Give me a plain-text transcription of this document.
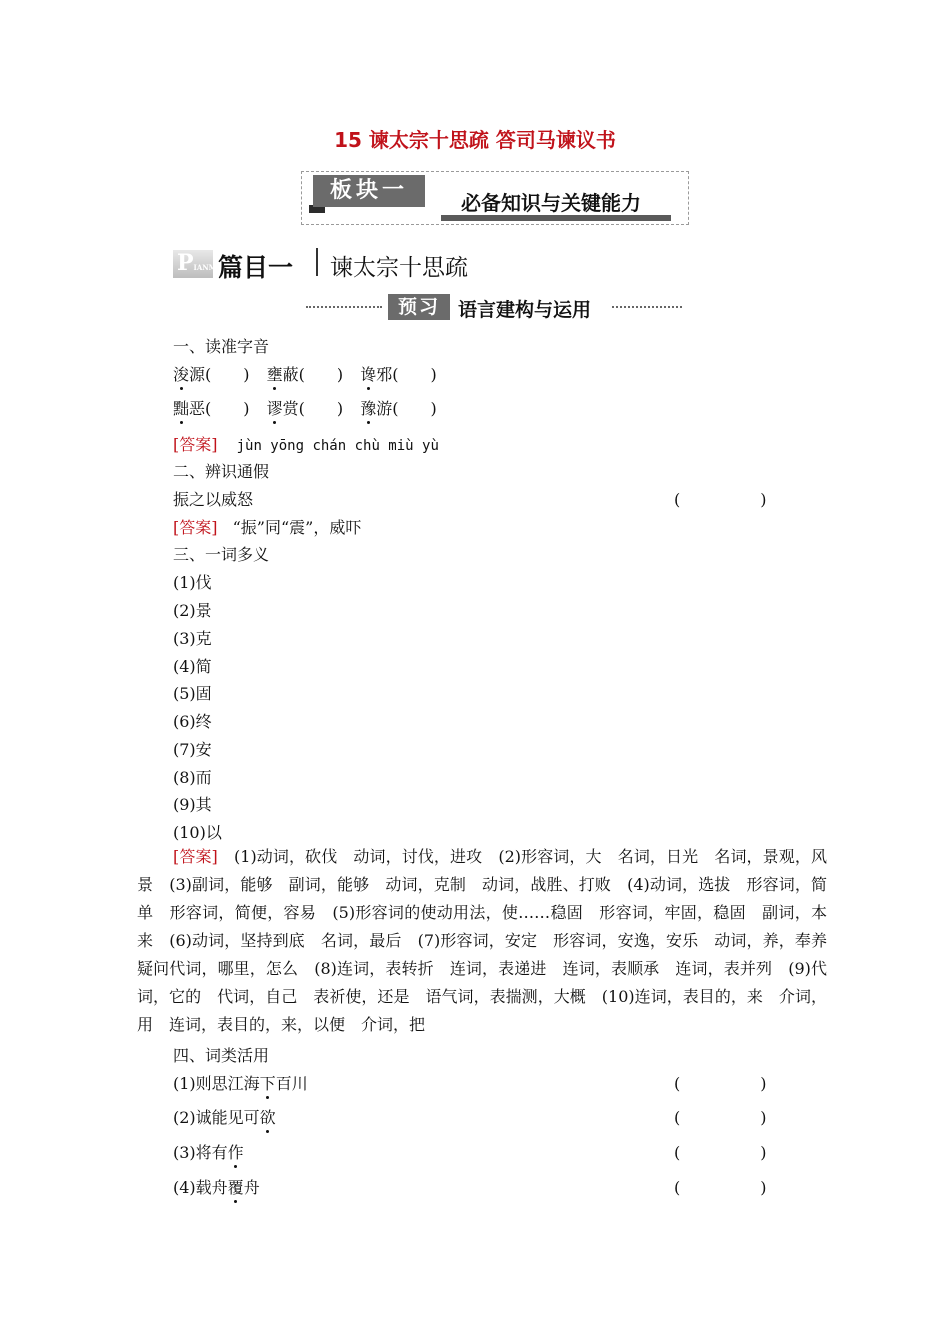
15 谏太宗十思疏 答司马谏议书
板块一	必备知识与关键能力
PIANMU
篇目一 谏太宗十思疏
预习 语言建构与运用
一、读准字音
浚源(　　) 壅蔽(　　) 谗邪(　　)
黜恶(　　) 谬赏(　　) 豫游(　　)
[答案] jùn yōng chán chù miù yù
二、辨识通假
振之以威怒	(　　　　　)
[答案] “振”同“震”，威吓
三、一词多义
(1)伐
(2)景
(3)克
(4)简
(5)固
(6)终
(7)安
(8)而
(9)其
(10)以
[答案]　 (1)动词，砍伐　动词，讨伐，进攻　(2)形容词，大　名词，日光　名词，景观，风景　(3)副词，能够　副词，能够　动词，克制　动词，战胜、打败　(4)动词，选拔　形容词，简单　形容词，简便，容易　(5)形容词的使动用法，使……稳固　形容词，牢固，稳固　副词，本来　(6)动词，坚持到底　名词，最后　(7)形容词，安定　形容词，安逸，安乐　动词，养，奉养　疑问代词，哪里，怎么　(8)连词，表转折　连词，表递进　连词，表顺承　连词，表并列　(9)代词，它的　代词，自己　表祈使，还是　语气词，表揣测，大概　(10)连词，表目的，来　介词，用　连词，表目的，来，以便　介词，把
四、词类活用
(1)则思江海下百川	(　　　　　)
(2)诚能见可欲	(　　　　　)
(3)将有作	(　　　　　)
(4)载舟覆舟	(　　　　　)
